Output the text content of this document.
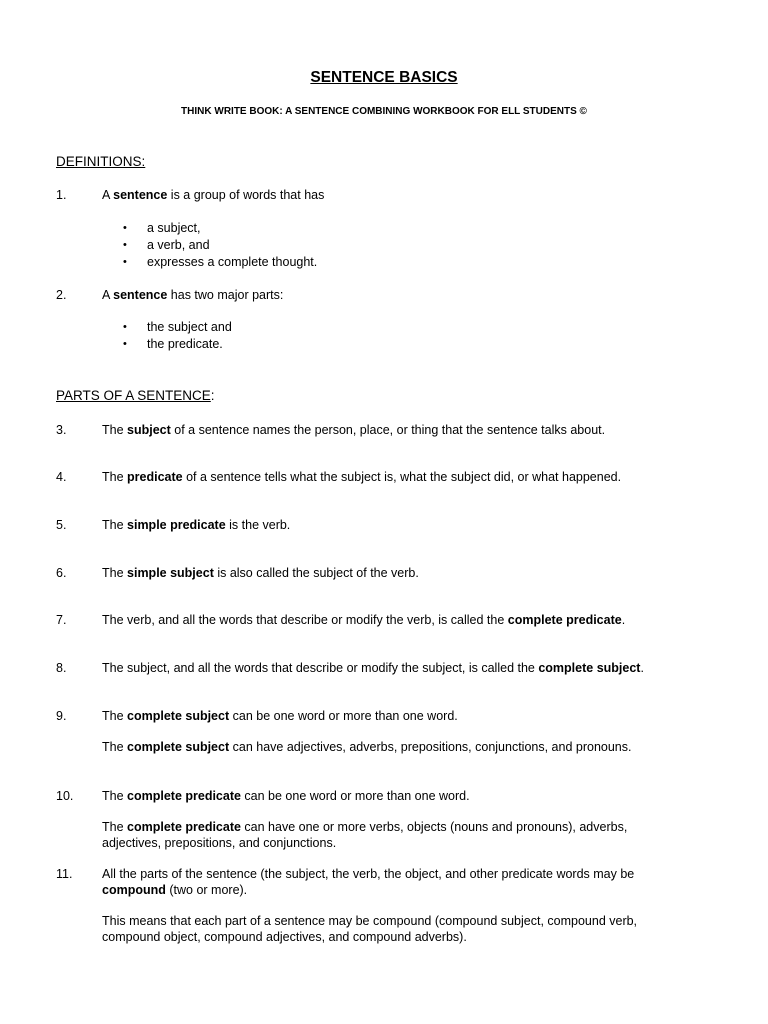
SENTENCE BASICS
THINK WRITE BOOK: A SENTENCE COMBINING WORKBOOK FOR ELL STUDENTS ©
DEFINITIONS:
1.	A sentence is a group of words that has
• a subject,
• a verb, and
• expresses a complete thought.
2.	A sentence has two major parts:
• the subject and
• the predicate.
PARTS OF A SENTENCE:
3.	The subject of a sentence names the person, place, or thing that the sentence talks about.
4.	The predicate of a sentence tells what the subject is, what the subject did, or what happened.
5.	The simple predicate is the verb.
6.	The simple subject is also called the subject of the verb.
7.	The verb, and all the words that describe or modify the verb, is called the complete predicate.
8.	The subject, and all the words that describe or modify the subject, is called the complete subject.
9.	The complete subject can be one word or more than one word.
The complete subject can have adjectives, adverbs, prepositions, conjunctions, and pronouns.
10. The complete predicate can be one word or more than one word.
The complete predicate can have one or more verbs, objects (nouns and pronouns), adverbs,
adjectives, prepositions, and conjunctions.
11. All the parts of the sentence (the subject, the verb, the object, and other predicate words may be
compound (two or more).
This means that each part of a sentence may be compound (compound subject, compound verb,
compound object, compound adjectives, and compound adverbs).
